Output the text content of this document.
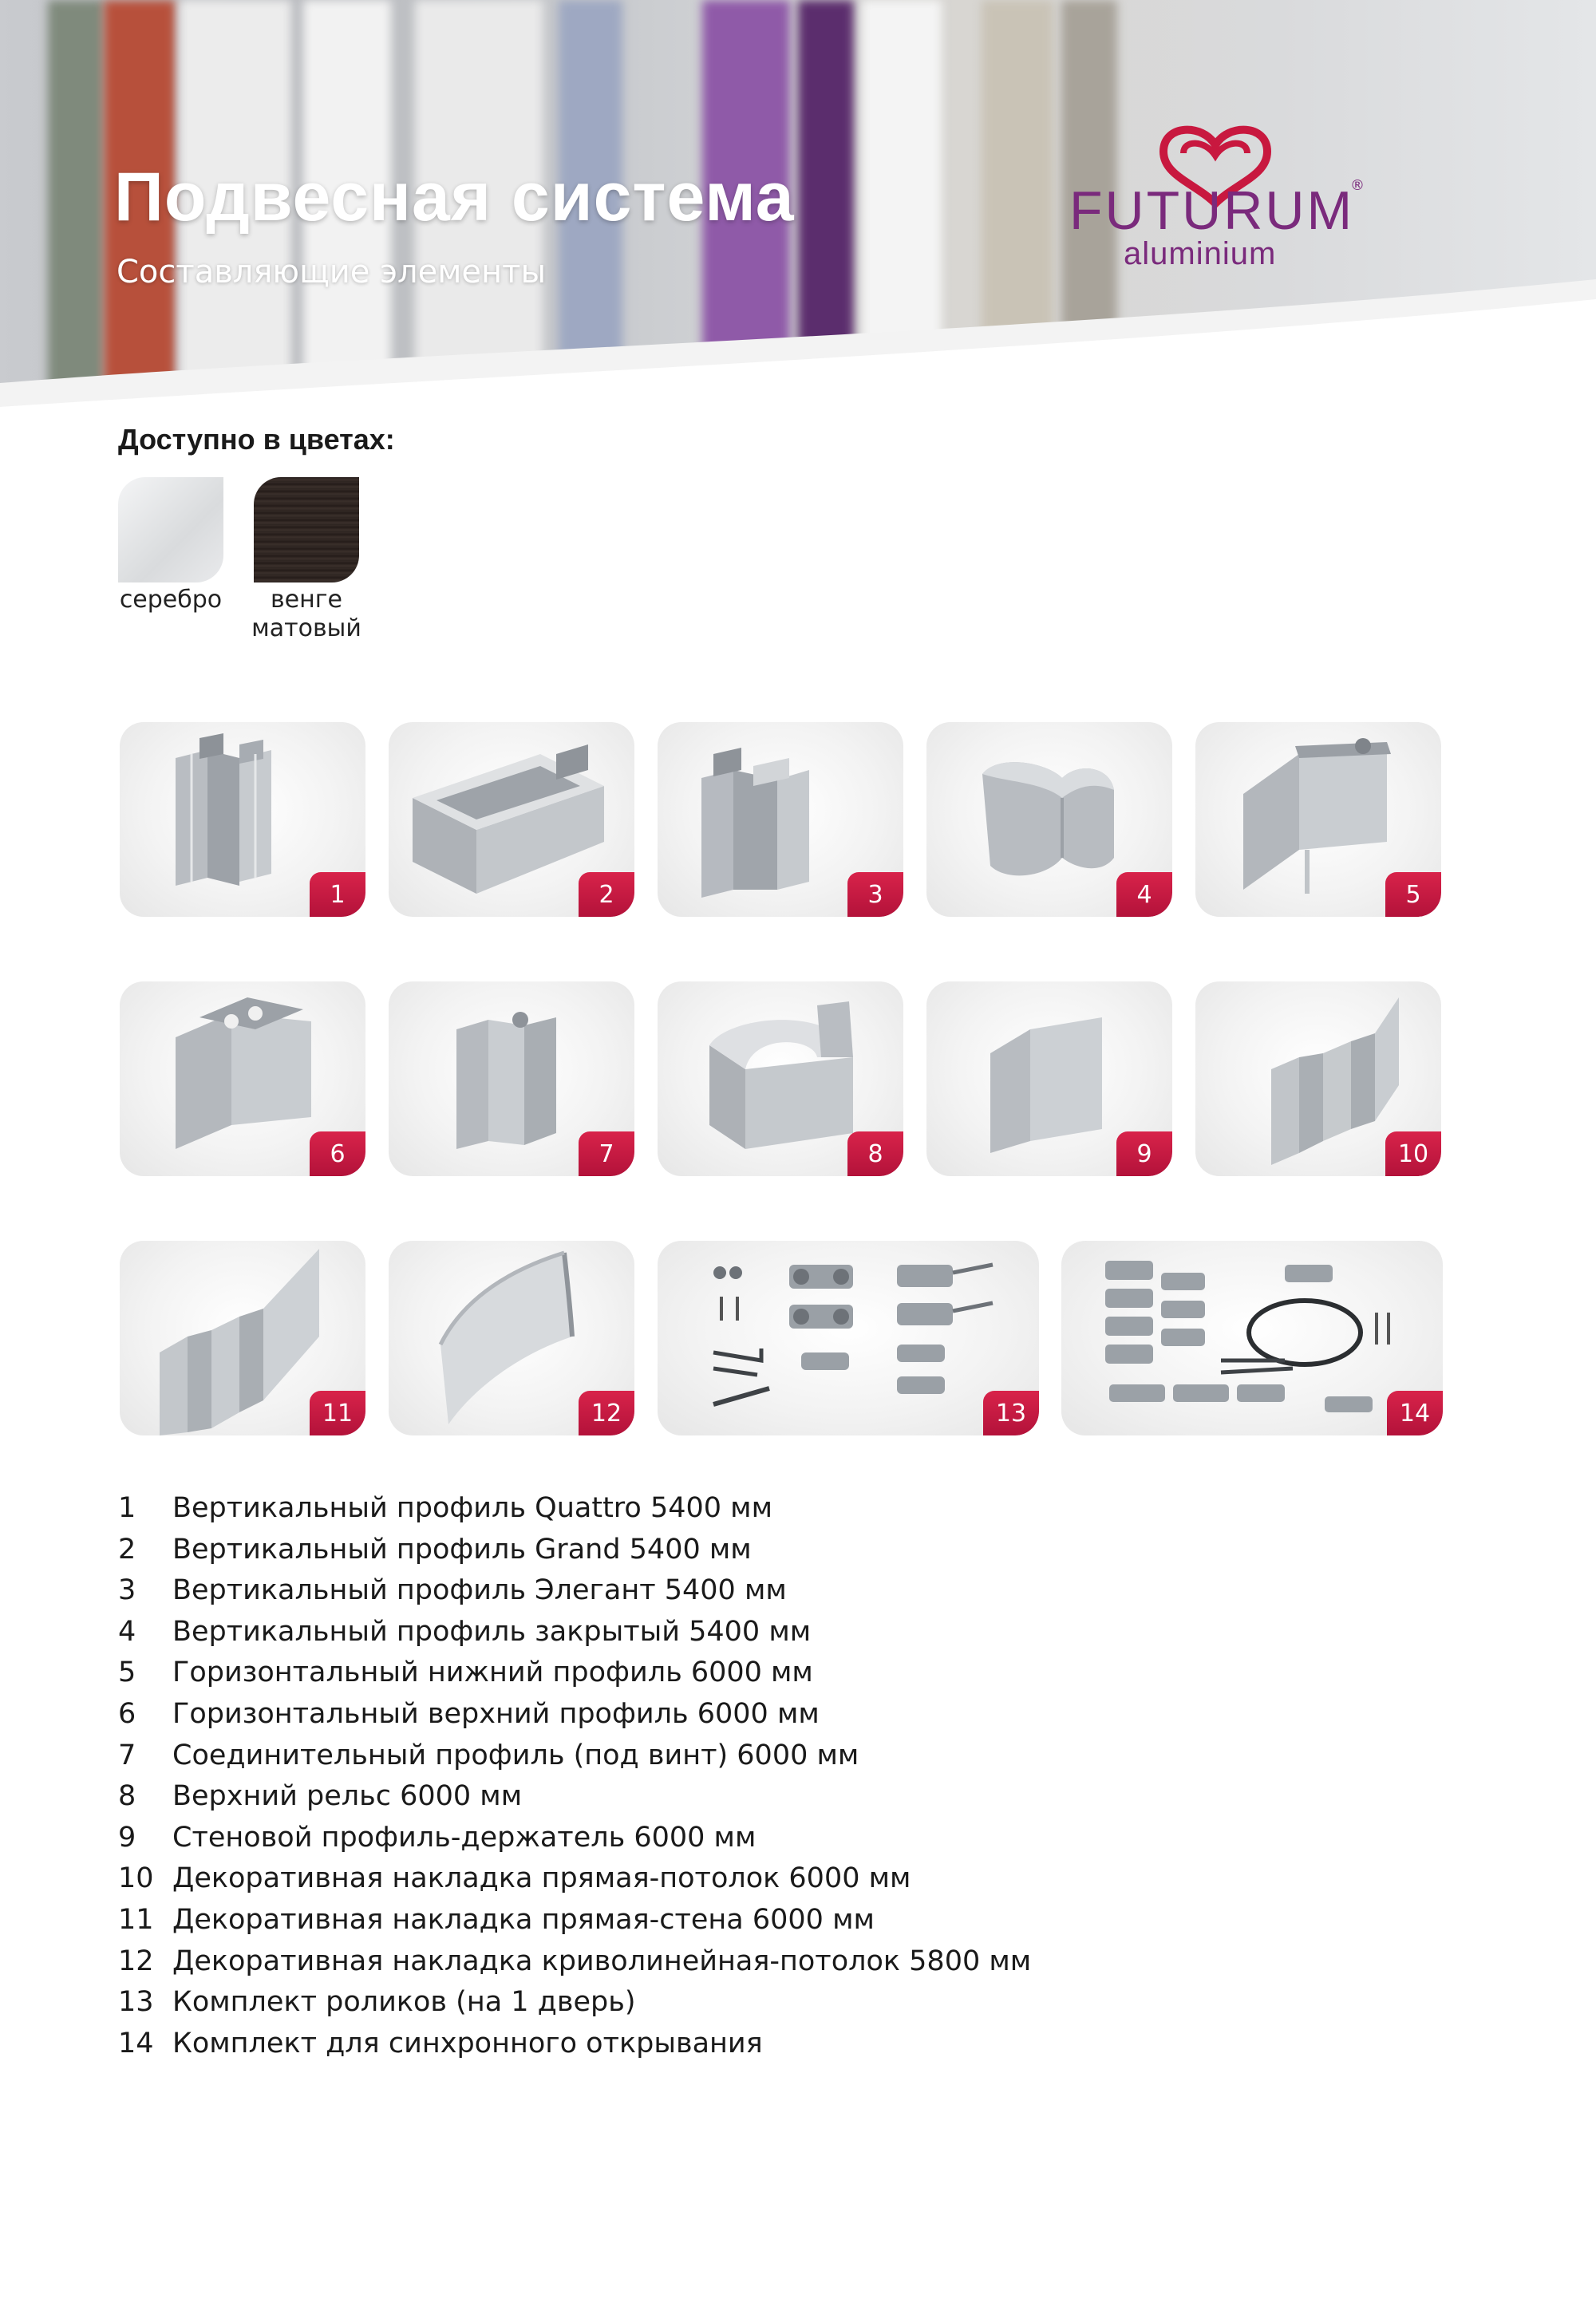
Подвесная система
Составляющие элементы
FUTURUM
®
aluminium
Доступно в цветах:
серебро	венге
матовый
1	2	3	4	5
6	7	8	9	10
11	12	13	14
1	Вертикальный профиль Quattro 5400 мм
2	Вертикальный профиль Grand 5400 мм
3	Вертикальный профиль Элегант 5400 мм
4	Вертикальный профиль закрытый 5400 мм
5	Горизонтальный нижний профиль 6000 мм
6	Горизонтальный верхний профиль 6000 мм
7	Соединительный профиль (под винт) 6000 мм
8	Верхний рельс 6000 мм
9	Стеновой профиль-держатель 6000 мм
10 Декоративная накладка прямая-потолок 6000 мм
11 Декоративная накладка прямая-стена 6000 мм
12 Декоративная накладка криволинейная-потолок 5800 мм
13 Комплект роликов (на 1 дверь)
14 Комплект для синхронного открывания
